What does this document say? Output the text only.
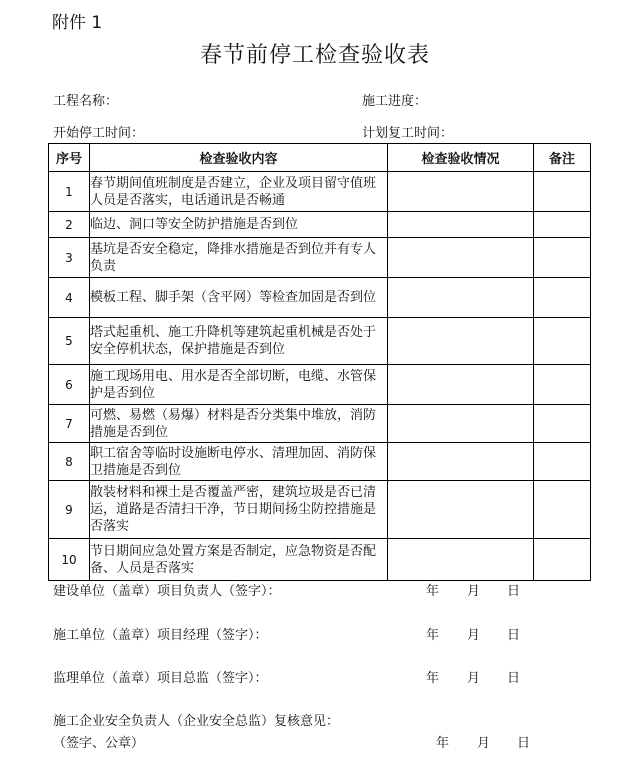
附件 1
春节前停工检查验收表
工程名称：	施工进度：
开始停工时间：	计划复工时间：
序号	检查验收内容	检查验收情况	备注
1	春节期间值班制度是否建立，企业及项目留守值班人员是否落实，电话通讯是否畅通		
2	临边、洞口等安全防护措施是否到位		
3	基坑是否安全稳定，降排水措施是否到位并有专人负责		
4	模板工程、脚手架（含平网）等检查加固是否到位		
5	塔式起重机、施工升降机等建筑起重机械是否处于安全停机状态，保护措施是否到位		
6	施工现场用电、用水是否全部切断，电缆、水管保护是否到位		
7	可燃、易燃（易爆）材料是否分类集中堆放，消防措施是否到位		
8	职工宿舍等临时设施断电停水、清理加固、消防保卫措施是否到位		
9	散装材料和裸土是否覆盖严密，建筑垃圾是否已清运，道路是否清扫干净，节日期间扬尘防控措施是否落实		
10	节日期间应急处置方案是否制定，应急物资是否配备、人员是否落实		
建设单位（盖章）项目负责人（签字）：	年 月 日
施工单位（盖章）项目经理（签字）：	年 月 日
监理单位（盖章）项目总监（签字）：	年 月 日
施工企业安全负责人（企业安全总监）复核意见：
（签字、公章）	年 月 日
